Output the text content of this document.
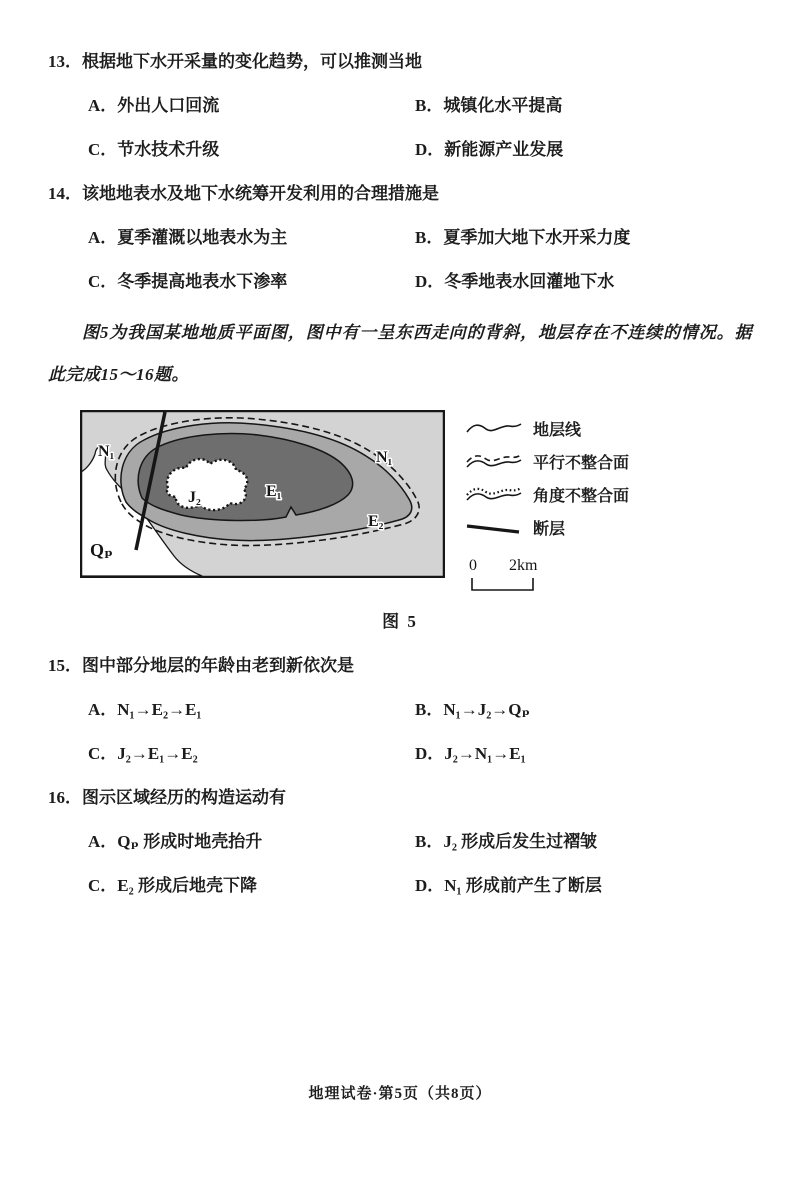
13．根据地下水开采量的变化趋势，可以推测当地
A．外出人口回流	B．城镇化水平提高
C．节水技术升级	D．新能源产业发展
14．该地地表水及地下水统筹开发利用的合理措施是
A．夏季灌溉以地表水为主	B．夏季加大地下水开采力度
C．冬季提高地表水下渗率	D．冬季地表水回灌地下水

图5为我国某地地质平面图，图中有一呈东西走向的背斜，地层存在不连续的情况。据此完成15～16题。

N₁	N₁
E₁
E₂
J₂
Qₚ
地层线
平行不整合面
角度不整合面
断层
0 2km
图 5
15．图中部分地层的年龄由老到新依次是
A．N₁→E₂→E₁	B．N₁→J₂→Qₚ
C．J₂→E₁→E₂	D．J₂→N₁→E₁
16．图示区域经历的构造运动有
A．Qₚ 形成时地壳抬升	B．J₂ 形成后发生过褶皱
C．E₂ 形成后地壳下降	D．N₁ 形成前产生了断层
地理试卷·第5页（共8页）
